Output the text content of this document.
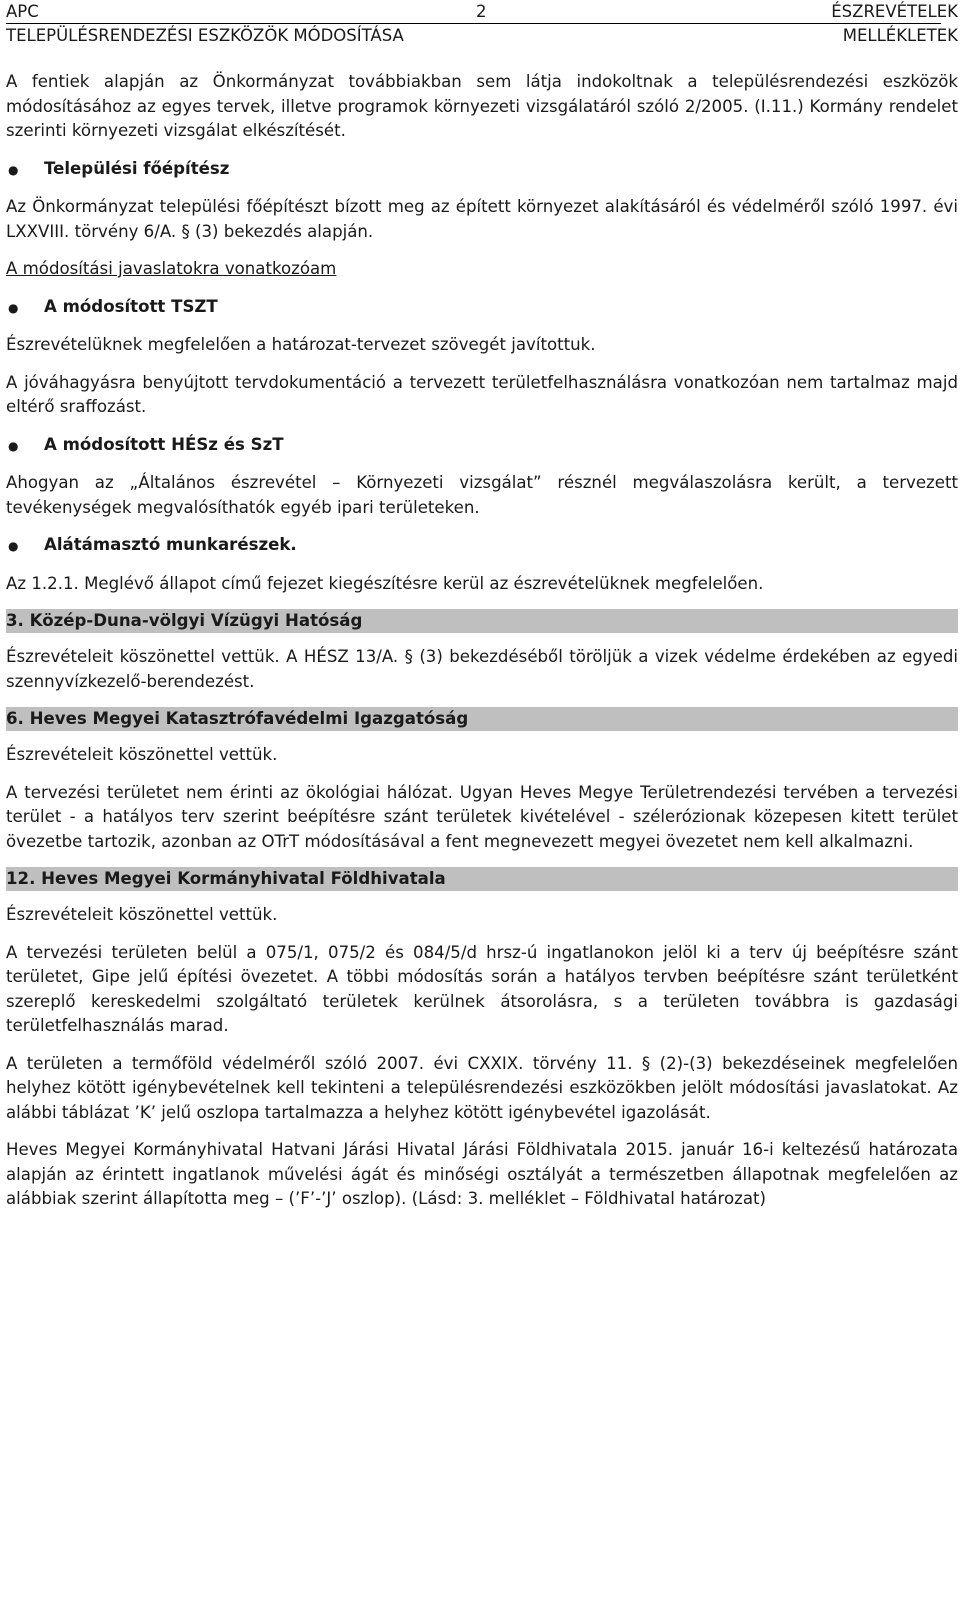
APC	2	ÉSZREVÉTELEK
TELEPÜLÉSRENDEZÉSI ESZKÖZÖK MÓDOSÍTÁSA	MELLÉKLETEK

A fentiek alapján az Önkormányzat továbbiakban sem látja indokoltnak a településrendezési eszközök módosításához az egyes tervek, illetve programok környezeti vizsgálatáról szóló 2/2005. (I.11.) Kormány rendelet szerinti környezeti vizsgálat elkészítését.

●	Települési főépítész

Az Önkormányzat települési főépítészt bízott meg az épített környezet alakításáról és védelméről szóló 1997. évi LXXVIII. törvény 6/A. § (3) bekezdés alapján.

A módosítási javaslatokra vonatkozóam

●	A módosított TSZT

Észrevételüknek megfelelően a határozat-tervezet szövegét javítottuk.

A jóváhagyásra benyújtott tervdokumentáció a tervezett területfelhasználásra vonatkozóan nem tartalmaz majd eltérő sraffozást.

●	A módosított HÉSz és SzT

Ahogyan az „Általános észrevétel – Környezeti vizsgálat” résznél megválaszolásra került, a tervezett tevékenységek megvalósíthatók egyéb ipari területeken.

●	Alátámasztó munkarészek.

Az 1.2.1. Meglévő állapot című fejezet kiegészítésre kerül az észrevételüknek megfelelően.

3. Közép-Duna-völgyi Vízügyi Hatóság

Észrevételeit köszönettel vettük. A HÉSZ 13/A. § (3) bekezdéséből töröljük a vizek védelme érdekében az egyedi szennyvízkezelő-berendezést.

6. Heves Megyei Katasztrófavédelmi Igazgatóság

Észrevételeit köszönettel vettük.

A tervezési területet nem érinti az ökológiai hálózat. Ugyan Heves Megye Területrendezési tervében a tervezési terület - a hatályos terv szerint beépítésre szánt területek kivételével - szélerózionak közepesen kitett terület övezetbe tartozik, azonban az OTrT módosításával a fent megnevezett megyei övezetet nem kell alkalmazni.

12. Heves Megyei Kormányhivatal Földhivatala

Észrevételeit köszönettel vettük.

A tervezési területen belül a 075/1, 075/2 és 084/5/d hrsz-ú ingatlanokon jelöl ki a terv új beépítésre szánt területet, Gipe jelű építési övezetet. A többi módosítás során a hatályos tervben beépítésre szánt területként szereplő kereskedelmi szolgáltató területek kerülnek átsorolásra, s a területen továbbra is gazdasági területfelhasználás marad.

A területen a termőföld védelméről szóló 2007. évi CXXIX. törvény 11. § (2)-(3) bekezdéseinek megfelelően helyhez kötött igénybevételnek kell tekinteni a településrendezési eszközökben jelölt módosítási javaslatokat. Az alábbi táblázat ’K’ jelű oszlopa tartalmazza a helyhez kötött igénybevétel igazolását.

Heves Megyei Kormányhivatal Hatvani Járási Hivatal Járási Földhivatala 2015. január 16-i keltezésű határozata alapján az érintett ingatlanok művelési ágát és minőségi osztályát a természetben állapotnak megfelelően az alábbiak szerint állapította meg – (’F’-’J’ oszlop). (Lásd: 3. melléklet – Földhivatal határozat)
